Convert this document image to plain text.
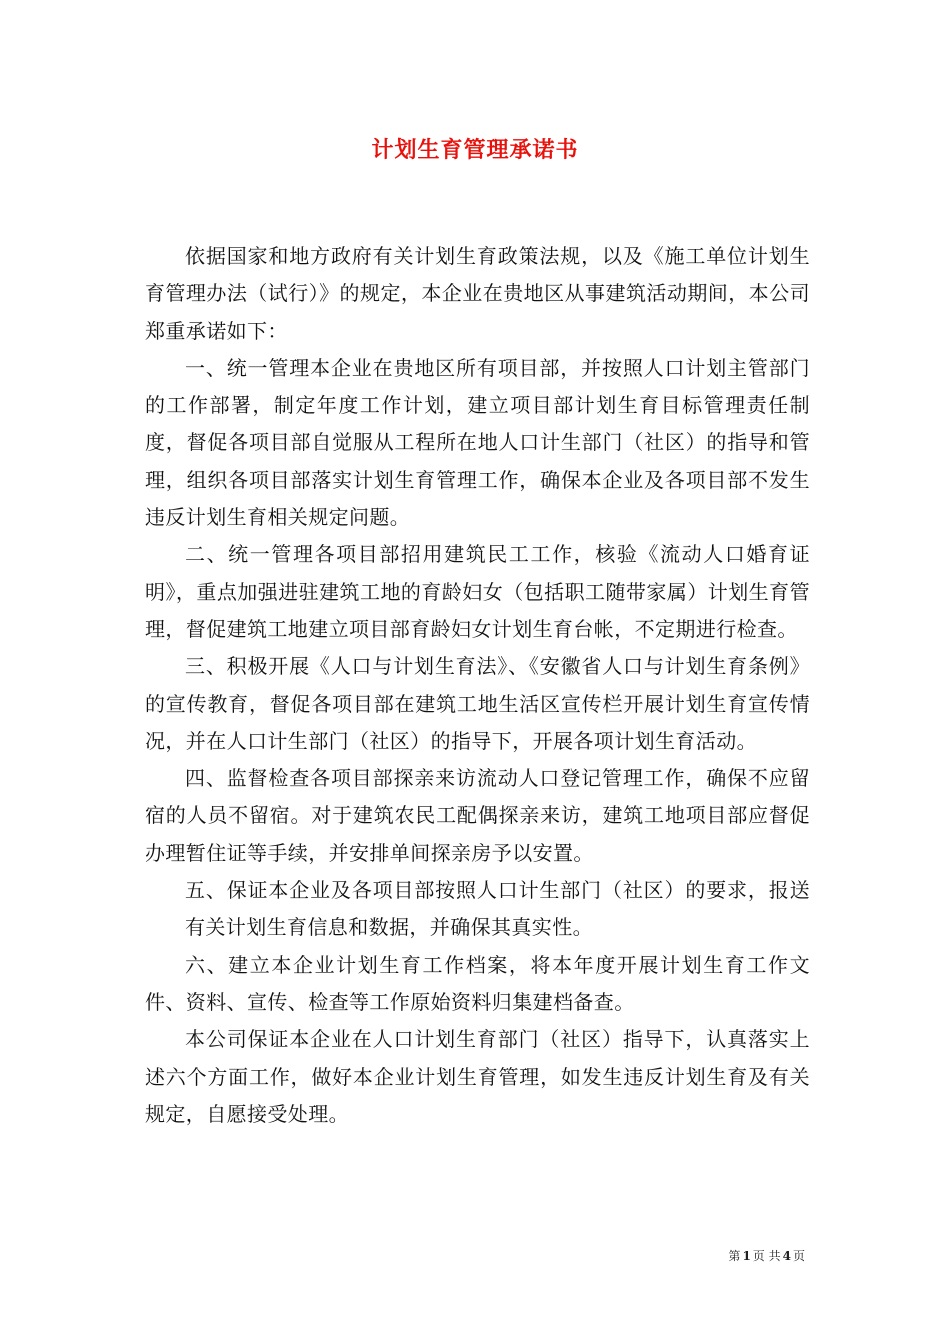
计划生育管理承诺书

依据国家和地方政府有关计划生育政策法规，以及《施工单位计划生育管理办法（试行）》的规定，本企业在贵地区从事建筑活动期间，本公司郑重承诺如下：

一、统一管理本企业在贵地区所有项目部，并按照人口计划主管部门的工作部署，制定年度工作计划，建立项目部计划生育目标管理责任制度，督促各项目部自觉服从工程所在地人口计生部门（社区）的指导和管理，组织各项目部落实计划生育管理工作，确保本企业及各项目部不发生违反计划生育相关规定问题。

二、统一管理各项目部招用建筑民工工作，核验《流动人口婚育证明》，重点加强进驻建筑工地的育龄妇女（包括职工随带家属）计划生育管理，督促建筑工地建立项目部育龄妇女计划生育台帐，不定期进行检查。

三、积极开展《人口与计划生育法》、《安徽省人口与计划生育条例》的宣传教育，督促各项目部在建筑工地生活区宣传栏开展计划生育宣传情况，并在人口计生部门（社区）的指导下，开展各项计划生育活动。

四、监督检查各项目部探亲来访流动人口登记管理工作，确保不应留宿的人员不留宿。对于建筑农民工配偶探亲来访，建筑工地项目部应督促办理暂住证等手续，并安排单间探亲房予以安置。

五、保证本企业及各项目部按照人口计生部门（社区）的要求，报送有关计划生育信息和数据，并确保其真实性。

六、建立本企业计划生育工作档案，将本年度开展计划生育工作文件、资料、宣传、检查等工作原始资料归集建档备查。

本公司保证本企业在人口计划生育部门（社区）指导下，认真落实上述六个方面工作，做好本企业计划生育管理，如发生违反计划生育及有关规定，自愿接受处理。

第 1 页 共 4 页
